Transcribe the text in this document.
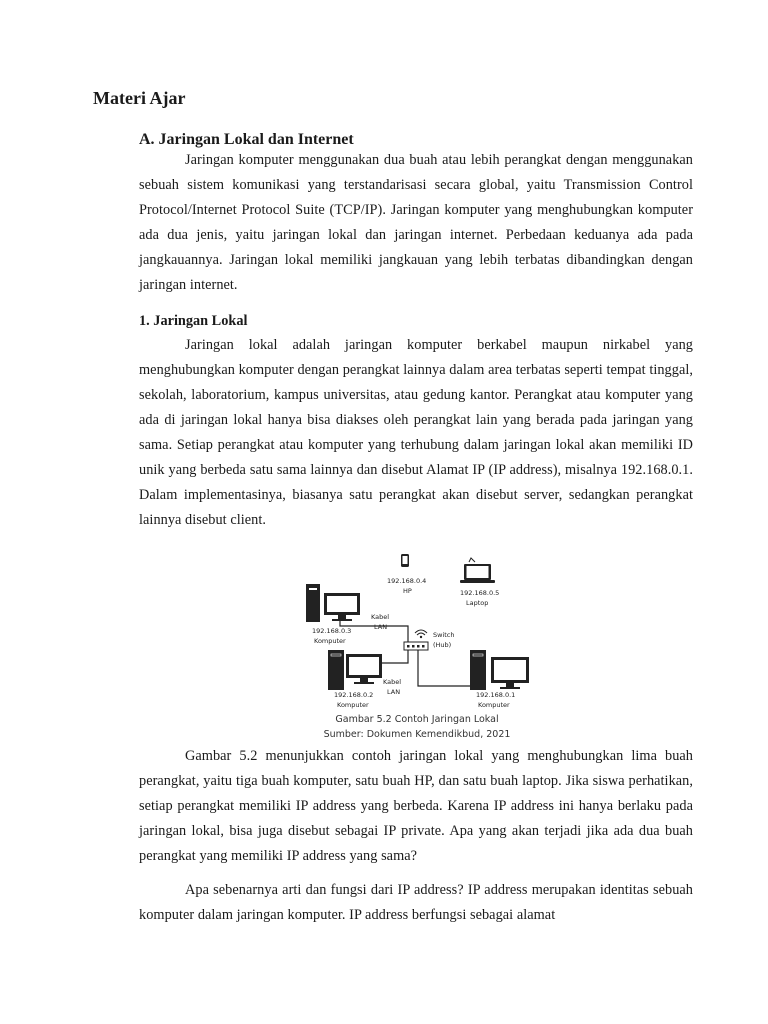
Materi Ajar
A. Jaringan Lokal dan Internet

Jaringan komputer menggunakan dua buah atau lebih perangkat dengan menggunakan sebuah sistem komunikasi yang terstandarisasi secara global, yaitu Transmission Control Protocol/Internet Protocol Suite (TCP/IP). Jaringan komputer yang menghubungkan komputer ada dua jenis, yaitu jaringan lokal dan jaringan internet. Perbedaan keduanya ada pada jangkauannya. Jaringan lokal memiliki jangkauan yang lebih terbatas dibandingkan dengan jaringan internet.

1. Jaringan Lokal

Jaringan lokal adalah jaringan komputer berkabel maupun nirkabel yang menghubungkan komputer dengan perangkat lainnya dalam area terbatas seperti tempat tinggal, sekolah, laboratorium, kampus universitas, atau gedung kantor. Perangkat atau komputer yang ada di jaringan lokal hanya bisa diakses oleh perangkat lain yang berada pada jaringan yang sama. Setiap perangkat atau komputer yang terhubung dalam jaringan lokal akan memiliki ID unik yang berbeda satu sama lainnya dan disebut Alamat IP (IP address), misalnya 192.168.0.1. Dalam implementasinya, biasanya satu perangkat akan disebut server, sedangkan perangkat lainnya disebut client.

192.168.0.4
HP	192.168.0.5
Laptop
192.168.0.3
Komputer
Kabel
LAN
Switch
(Hub)
192.168.0.2
Komputer
Kabel
LAN	192.168.0.1
Komputer

Gambar 5.2 Contoh Jaringan Lokal

Sumber: Dokumen Kemendikbud, 2021

Gambar 5.2 menunjukkan contoh jaringan lokal yang menghubungkan lima buah perangkat, yaitu tiga buah komputer, satu buah HP, dan satu buah laptop. Jika siswa perhatikan, setiap perangkat memiliki IP address yang berbeda. Karena IP address ini hanya berlaku pada jaringan lokal, bisa juga disebut sebagai IP private. Apa yang akan terjadi jika ada dua buah perangkat yang memiliki IP address yang sama?

Apa sebenarnya arti dan fungsi dari IP address? IP address merupakan identitas sebuah komputer dalam jaringan komputer. IP address berfungsi sebagai alamat
